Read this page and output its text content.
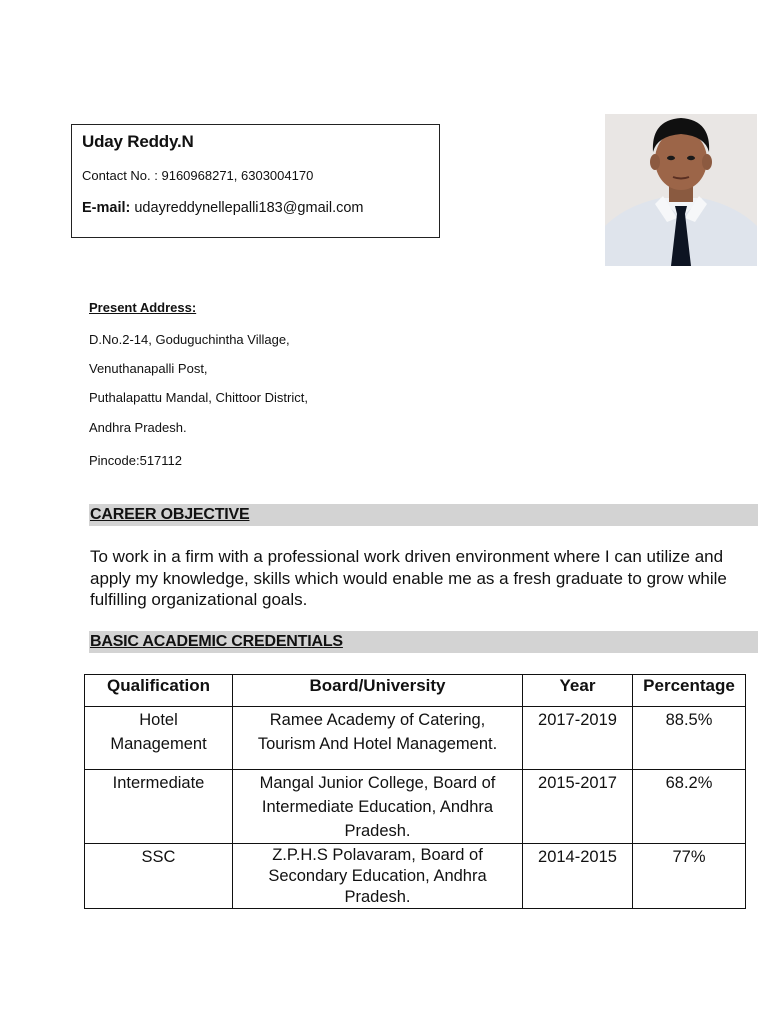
Uday Reddy.N
Contact No. : 9160968271, 6303004170
E-mail: udayreddynellepalli183@gmail.com
Present Address:
D.No.2-14, Goduguchintha Village,
Venuthanapalli Post,
Puthalapattu Mandal, Chittoor District,
Andhra Pradesh.
Pincode:517112
CAREER OBJECTIVE
To work in a firm with a professional work driven environment where I can utilize and apply my knowledge, skills which would enable me as a fresh graduate to grow while fulfilling organizational goals.
BASIC ACADEMIC CREDENTIALS
Qualification	Board/University	Year	Percentage
Hotel Management	Ramee Academy of Catering, Tourism And Hotel Management.	2017-2019	88.5%
Intermediate	Mangal Junior College, Board of Intermediate Education, Andhra Pradesh.	2015-2017	68.2%
SSC	Z.P.H.S Polavaram, Board of Secondary Education, Andhra Pradesh.	2014-2015	77%
